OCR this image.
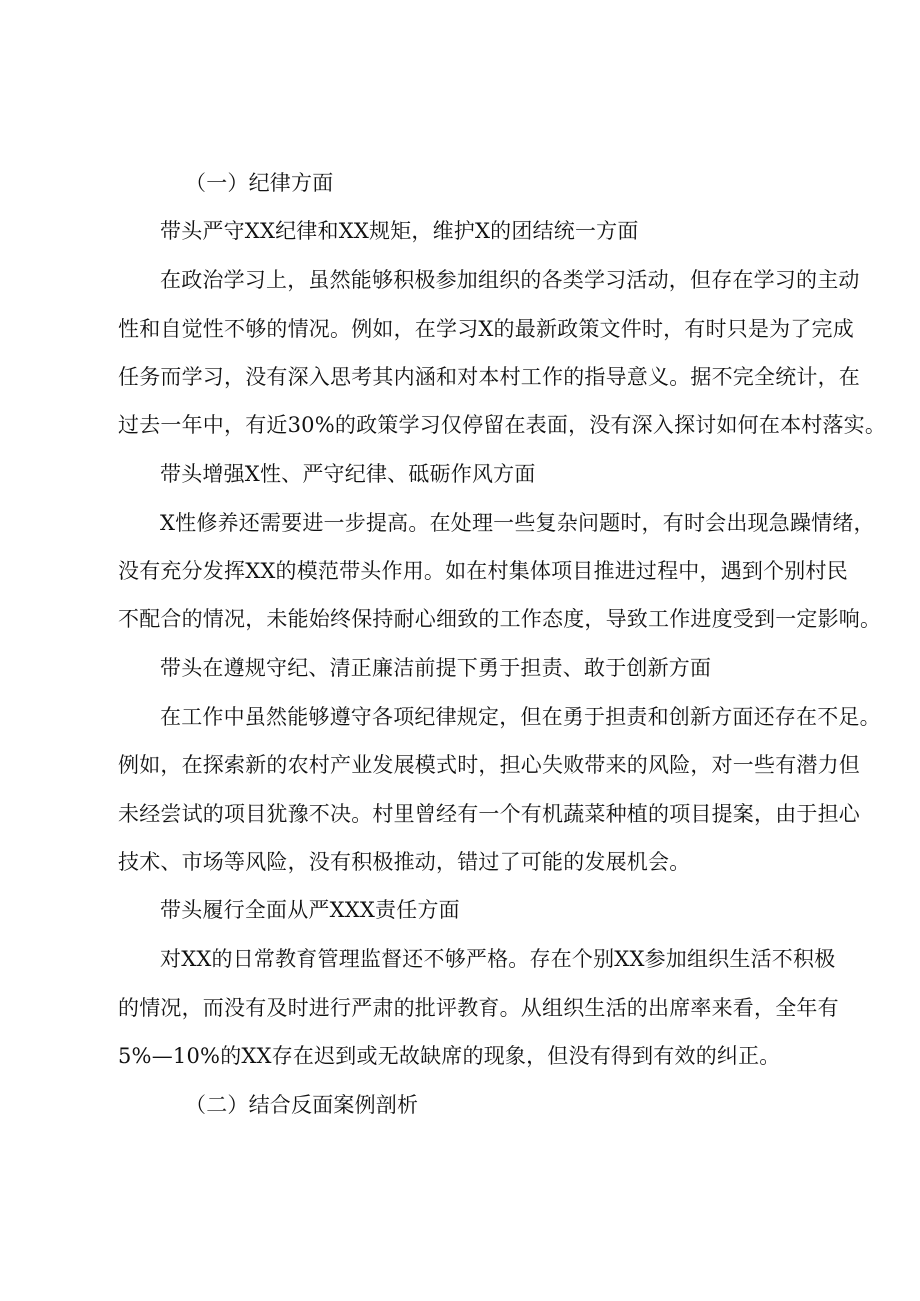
（一）纪律方面
带头严守XX纪律和XX规矩，维护X的团结统一方面
在政治学习上，虽然能够积极参加组织的各类学习活动，但存在学习的主动
性和自觉性不够的情况。例如，在学习X的最新政策文件时，有时只是为了完成
任务而学习，没有深入思考其内涵和对本村工作的指导意义。据不完全统计，在
过去一年中，有近30%的政策学习仅停留在表面，没有深入探讨如何在本村落实。
带头增强X性、严守纪律、砥砺作风方面
X性修养还需要进一步提高。在处理一些复杂问题时，有时会出现急躁情绪，
没有充分发挥XX的模范带头作用。如在村集体项目推进过程中，遇到个别村民
不配合的情况，未能始终保持耐心细致的工作态度，导致工作进度受到一定影响。
带头在遵规守纪、清正廉洁前提下勇于担责、敢于创新方面
在工作中虽然能够遵守各项纪律规定，但在勇于担责和创新方面还存在不足。
例如，在探索新的农村产业发展模式时，担心失败带来的风险，对一些有潜力但
未经尝试的项目犹豫不决。村里曾经有一个有机蔬菜种植的项目提案，由于担心
技术、市场等风险，没有积极推动，错过了可能的发展机会。
带头履行全面从严XXX责任方面
对XX的日常教育管理监督还不够严格。存在个别XX参加组织生活不积极
的情况，而没有及时进行严肃的批评教育。从组织生活的出席率来看，全年有
5%—10%的XX存在迟到或无故缺席的现象，但没有得到有效的纠正。
（二）结合反面案例剖析
